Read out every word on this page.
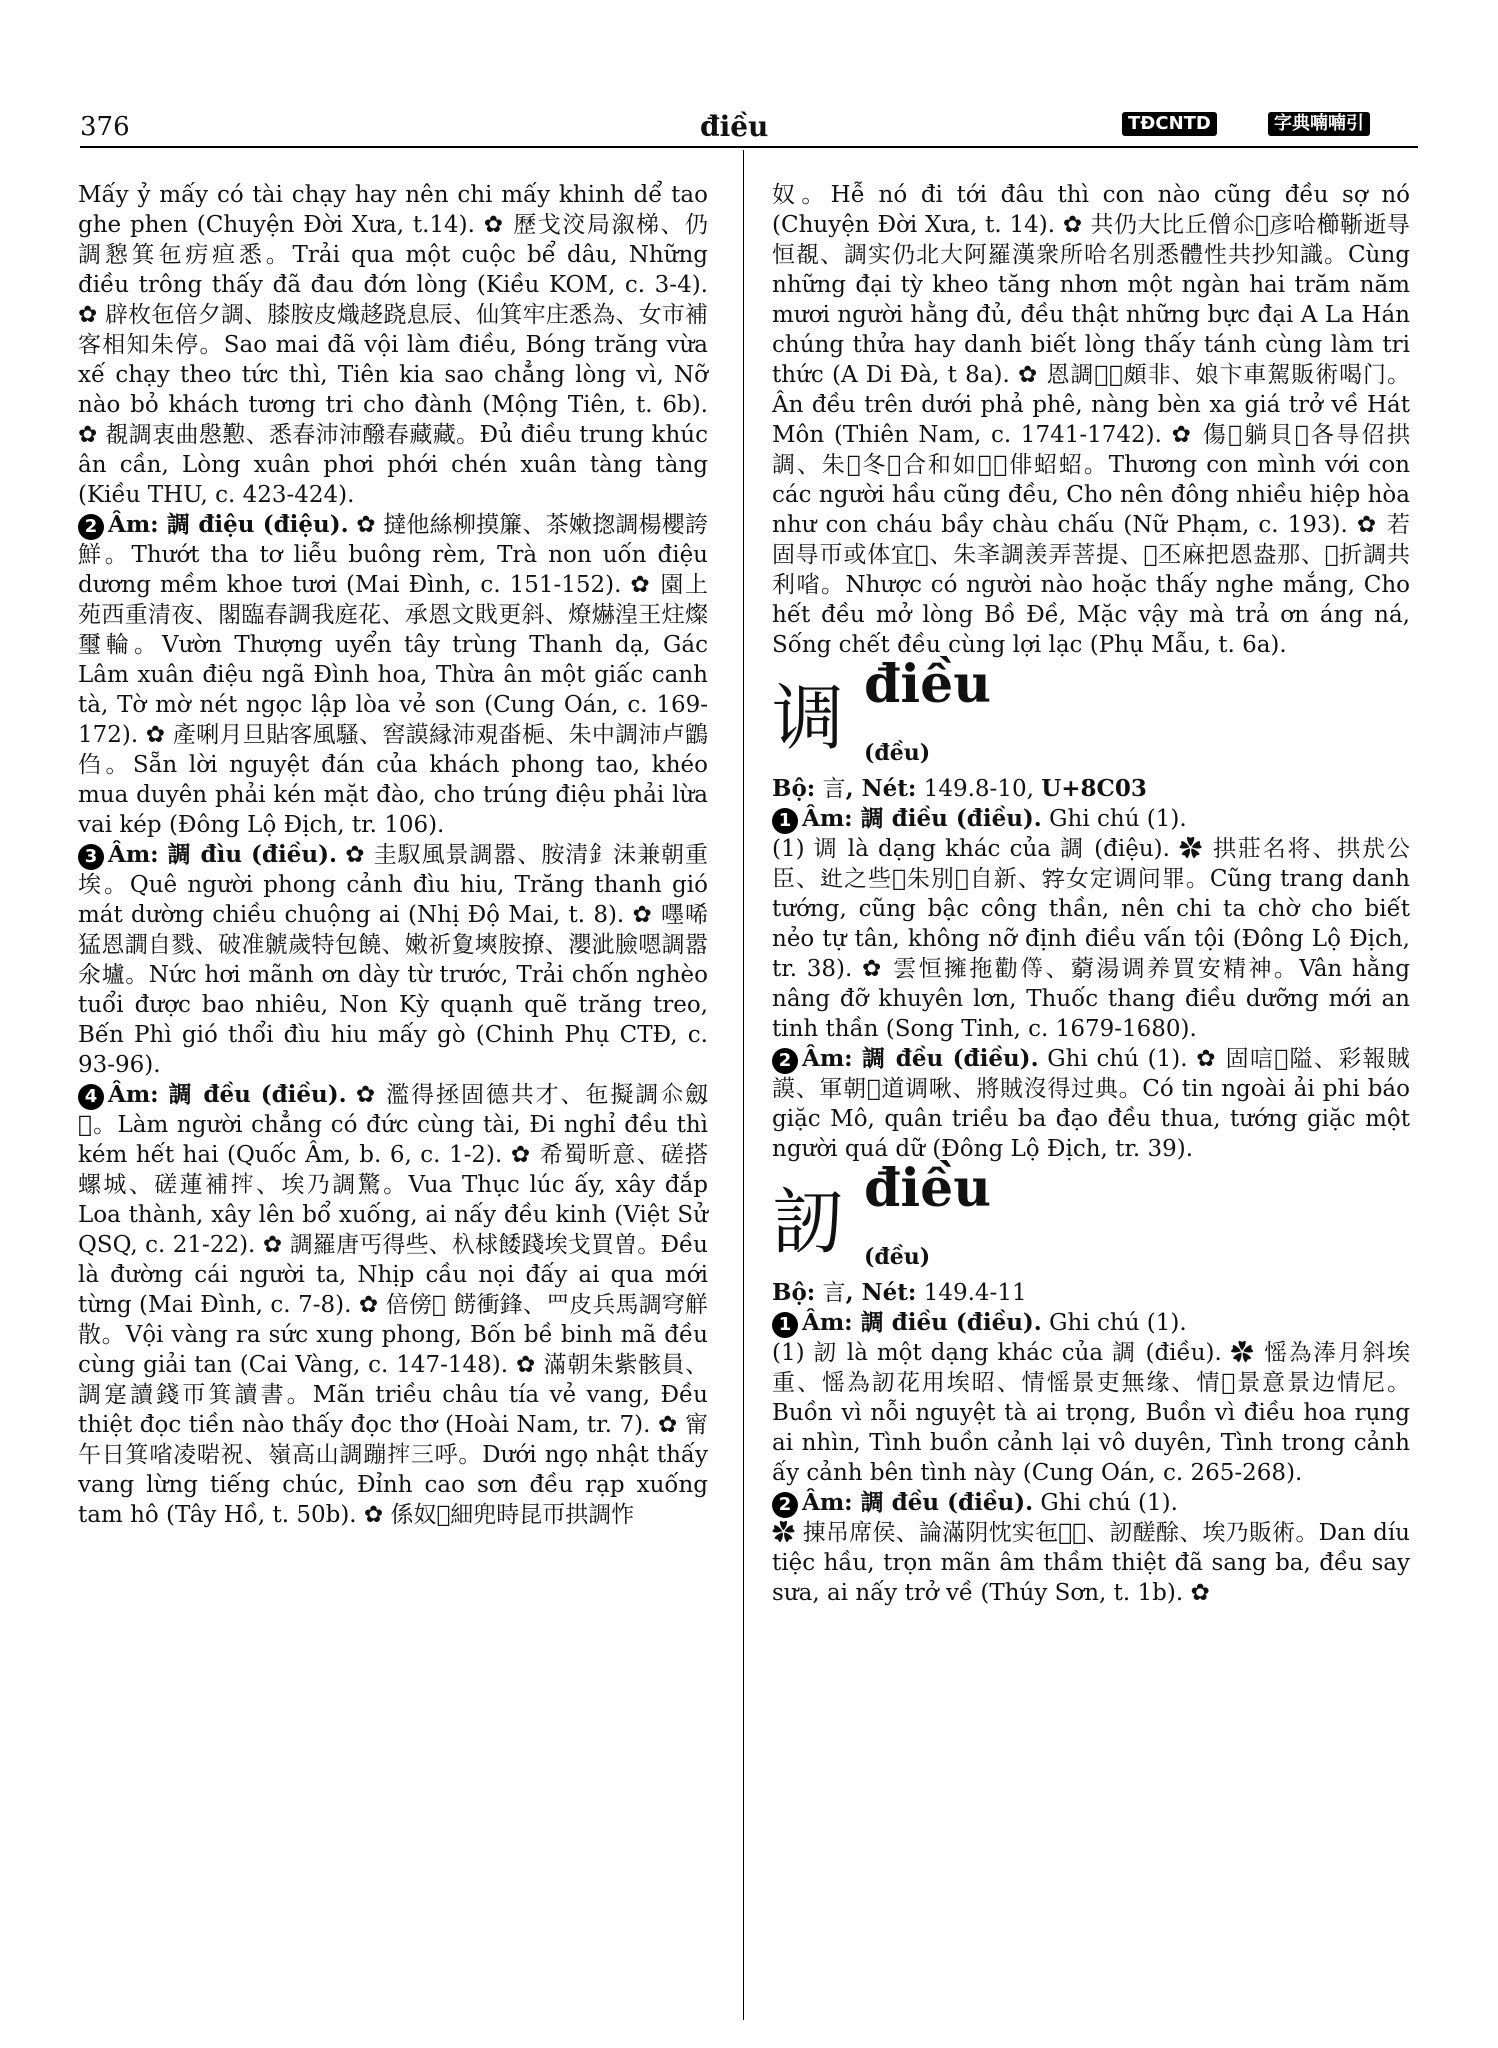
376	điều	TĐCNTD	字典喃喃引

Mấy ỷ mấy có tài chạy hay nên chi mấy khinh dể tao ghe phen (Chuyện Đời Xưa, t.14). ✿ 歷戈洨局溆梯、仍調㦝箕㐌疠疸悉。Trải qua một cuộc bể dâu, Những điều trông thấy đã đau đớn lòng (Kiều KOM, c. 3-4). ✿ 辟枚㐌倍夕調、膝胺皮熾趍跷息辰、仙箕牢庄悉為、女市補客相知朱停。Sao mai đã vội làm điều, Bóng trăng vừa xế chạy theo tức thì, Tiên kia sao chẳng lòng vì, Nỡ nào bỏ khách tương tri cho đành (Mộng Tiên, t. 6b). ✿ 覩調衷曲慇懃、悉春沛沛醱春藏藏。Đủ điều trung khúc ân cần, Lòng xuân phơi phới chén xuân tàng tàng (Kiều THU, c. 423-424).

2 Âm: 調 điệu (điệu). ✿ 撻他絲柳摸簾、茶嫩揔調楊櫻誇鮮。Thướt tha tơ liễu buông rèm, Trà non uốn điệu dương mềm khoe tươi (Mai Đình, c. 151-152). ✿ 園上苑西重清夜、閣臨春調我庭花、承恩文戝更斜、燎爀湟王炷燦璽輪。Vườn Thượng uyển tây trùng Thanh dạ, Gác Lâm xuân điệu ngã Đình hoa, Thừa ân một giấc canh tà, Tờ mờ nét ngọc lập lòa vẻ son (Cung Oán, c. 169-172). ✿ 產唎月旦貼客風騷、窖謨縁沛覌畓梔、朱中調沛卢鶹㑇。Sẵn lời nguyệt đán của khách phong tao, khéo mua duyên phải kén mặt đào, cho trúng điệu phải lừa vai kép (Đông Lộ Địch, tr. 106).

3 Âm: 調 đìu (điều). ✿ 圭馭風景調嚣、胺清釒沬兼朝重埃。Quê người phong cảnh đìu hiu, Trăng thanh gió mát dường chiều chuộng ai (Nhị Độ Mai, t. 8). ✿ 嚜唏猛恩譋自戮、破准虩歲特包饒、嫩祈夐塽胺撩、瀴泚臉嗯調嚣氽壚。Nức hơi mãnh ơn dày từ trước, Trải chốn nghèo tuổi được bao nhiêu, Non Kỳ quạnh quẽ trăng treo, Bến Phì gió thổi đìu hiu mấy gò (Chinh Phụ CTĐ, c. 93-96).

4 Âm: 調 đều (điều). ✿ 濫得拯固德共才、㐌擬調𠇍劔𣩂。Làm người chẳng có đức cùng tài, Đi nghỉ đều thì kém hết hai (Quốc Âm, b. 6, c. 1-2). ✿ 希蜀昕意、磋搭螺城、磋蓮補𢭂、埃乃調驚。Vua Thục lúc ấy, xây đắp Loa thành, xây lên bổ xuống, ai nấy đều kinh (Việt Sử QSQ, c. 21-22). ✿ 調羅唐丐得些、杁梂餧踐埃戈買曽。Đều là đường cái người ta, Nhịp cầu nọi đấy ai qua mới từng (Mai Đình, c. 7-8). ✿ 倍傍𥪝 餝衝鋒、罒皮兵馬調穹觧散。Vội vàng ra sức xung phong, Bốn bề binh mã đều cùng giải tan (Cai Vàng, c. 147-148). ✿ 滿朝朱紫骸員、調寔讀錢帀箕讀書。Mãn triều châu tía vẻ vang, Đều thiệt đọc tiền nào thấy đọc thơ (Hoài Nam, tr. 7). ✿ 甯午日箕㗂凌啱祝、嶺高山調蹦𢭂三呼。Dưới ngọ nhật thấy vang lừng tiếng chúc, Đỉnh cao sơn đều rạp xuống tam hô (Tây Hồ, t. 50b). ✿ 係奴𡗊細兜時昆帀拱調怍

奴。Hễ nó đi tới đâu thì con nào cũng đều sợ nó (Chuyện Đời Xưa, t. 14). ✿ 共仍大比丘僧𠇍𢆥彦哈櫛䩢逝㝵恒覩、調实仍北大阿羅漢衆所哈名別悉體性共抄知識。Cùng những đại tỳ kheo tăng nhơn một ngàn hai trăm năm mươi người hằng đủ, đều thật những bực đại A La Hán chúng thửa hay danh biết lòng thấy tánh cùng làm tri thức (A Di Đà, t 8a). ✿ 恩調𨖲𣦍頗非、娘卞車駕販術喝门。Ân đều trên dưới phả phê, nàng bèn xa giá trở về Hát Môn (Thiên Nam, c. 1741-1742). ✿ 傷𤤰躺貝𤤰各㝵佋拱調、朱𨑮冬𢬣合和如𤤰𥟉俳蛁蛁。Thương con mình với con các người hầu cũng đều, Cho nên đông nhiều hiệp hòa như con cháu bầy chàu chấu (Nữ Phạm, c. 193). ✿ 若固㝵帀或体宜𦬑、朱㪯調羡弄菩提、𡗶丕麻把恩盎那、𥺊折調共利㗂。Nhược có người nào hoặc thấy nghe mắng, Cho hết đều mở lòng Bồ Đề, Mặc vậy mà trả ơn áng ná, Sống chết đều cùng lợi lạc (Phụ Mẫu, t. 6a).

调 điều
(đều)

Bộ: 言, Nét: 149.8-10, U+8C03

1 Âm: 調 điều (điều). Ghi chú (1).

(1) 调 là dạng khác của 調 (điệu). ✿ 拱莊名将、拱㢤公臣、𨑮之些𠖤朱別𢦝自新、𡦂女定调问罪。Cũng trang danh tướng, cũng bậc công thần, nên chi ta chờ cho biết nẻo tự tân, không nỡ định điều vấn tội (Đông Lộ Địch, tr. 38). ✿ 雲恒擁拖勸𠎬、藭湯调养買安精神。Vân hằng nâng đỡ khuyên lơn, Thuốc thang điều dưỡng mới an tinh thần (Song Tinh, c. 1679-1680).

2 Âm: 調 đều (điều). Ghi chú (1). ✿ 固唁𨁥隘、彩報賊謨、軍朝𠀧道调啾、將賊沒得过典。Có tin ngoài ải phi báo giặc Mô, quân triều ba đạo đều thua, tướng giặc một người quá dữ (Đông Lộ Địch, tr. 39).

訒 điều
(đều)

Bộ: 言, Nét: 149.4-11

1 Âm: 調 điều (điều). Ghi chú (1).

(1) 訒 là một dạng khác của 調 (điều). ✿ 愮為淎月斜埃重、愮為訒花用埃昭、情愮景吏無缘、情𢝙景意景边情尼。Buồn vì nỗi nguyệt tà ai trọng, Buồn vì điều hoa rụng ai nhìn, Tình buồn cảnh lại vô duyên, Tình trong cảnh ấy cảnh bên tình này (Cung Oán, c. 265-268).

2 Âm: 調 đều (điều). Ghi chú (1).

✿ 㨂吊席侯、論滿阴忱实㐌𡳪𠀧、訒醝酴、埃乃販術。Dan díu tiệc hầu, trọn mãn âm thầm thiệt đã sang ba, đều say sưa, ai nấy trở về (Thúy Sơn, t. 1b). ✿
